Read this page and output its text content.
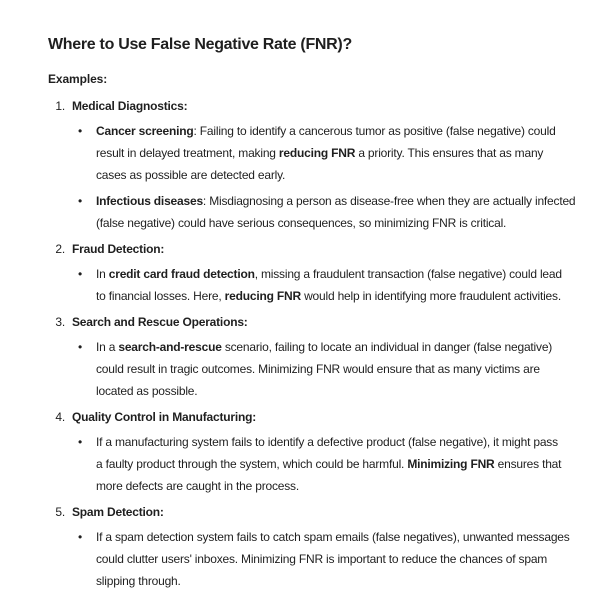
Where to Use False Negative Rate (FNR)?
Examples:
1. Medical Diagnostics:
• Cancer screening: Failing to identify a cancerous tumor as positive (false negative) could
result in delayed treatment, making reducing FNR a priority. This ensures that as many
cases as possible are detected early.
• Infectious diseases: Misdiagnosing a person as disease-free when they are actually infected
(false negative) could have serious consequences, so minimizing FNR is critical.
2. Fraud Detection:
• In credit card fraud detection, missing a fraudulent transaction (false negative) could lead
to financial losses. Here, reducing FNR would help in identifying more fraudulent activities.
3. Search and Rescue Operations:
• In a search-and-rescue scenario, failing to locate an individual in danger (false negative)
could result in tragic outcomes. Minimizing FNR would ensure that as many victims are
located as possible.
4. Quality Control in Manufacturing:
• If a manufacturing system fails to identify a defective product (false negative), it might pass
a faulty product through the system, which could be harmful. Minimizing FNR ensures that
more defects are caught in the process.
5. Spam Detection:
• If a spam detection system fails to catch spam emails (false negatives), unwanted messages
could clutter users' inboxes. Minimizing FNR is important to reduce the chances of spam
slipping through.
